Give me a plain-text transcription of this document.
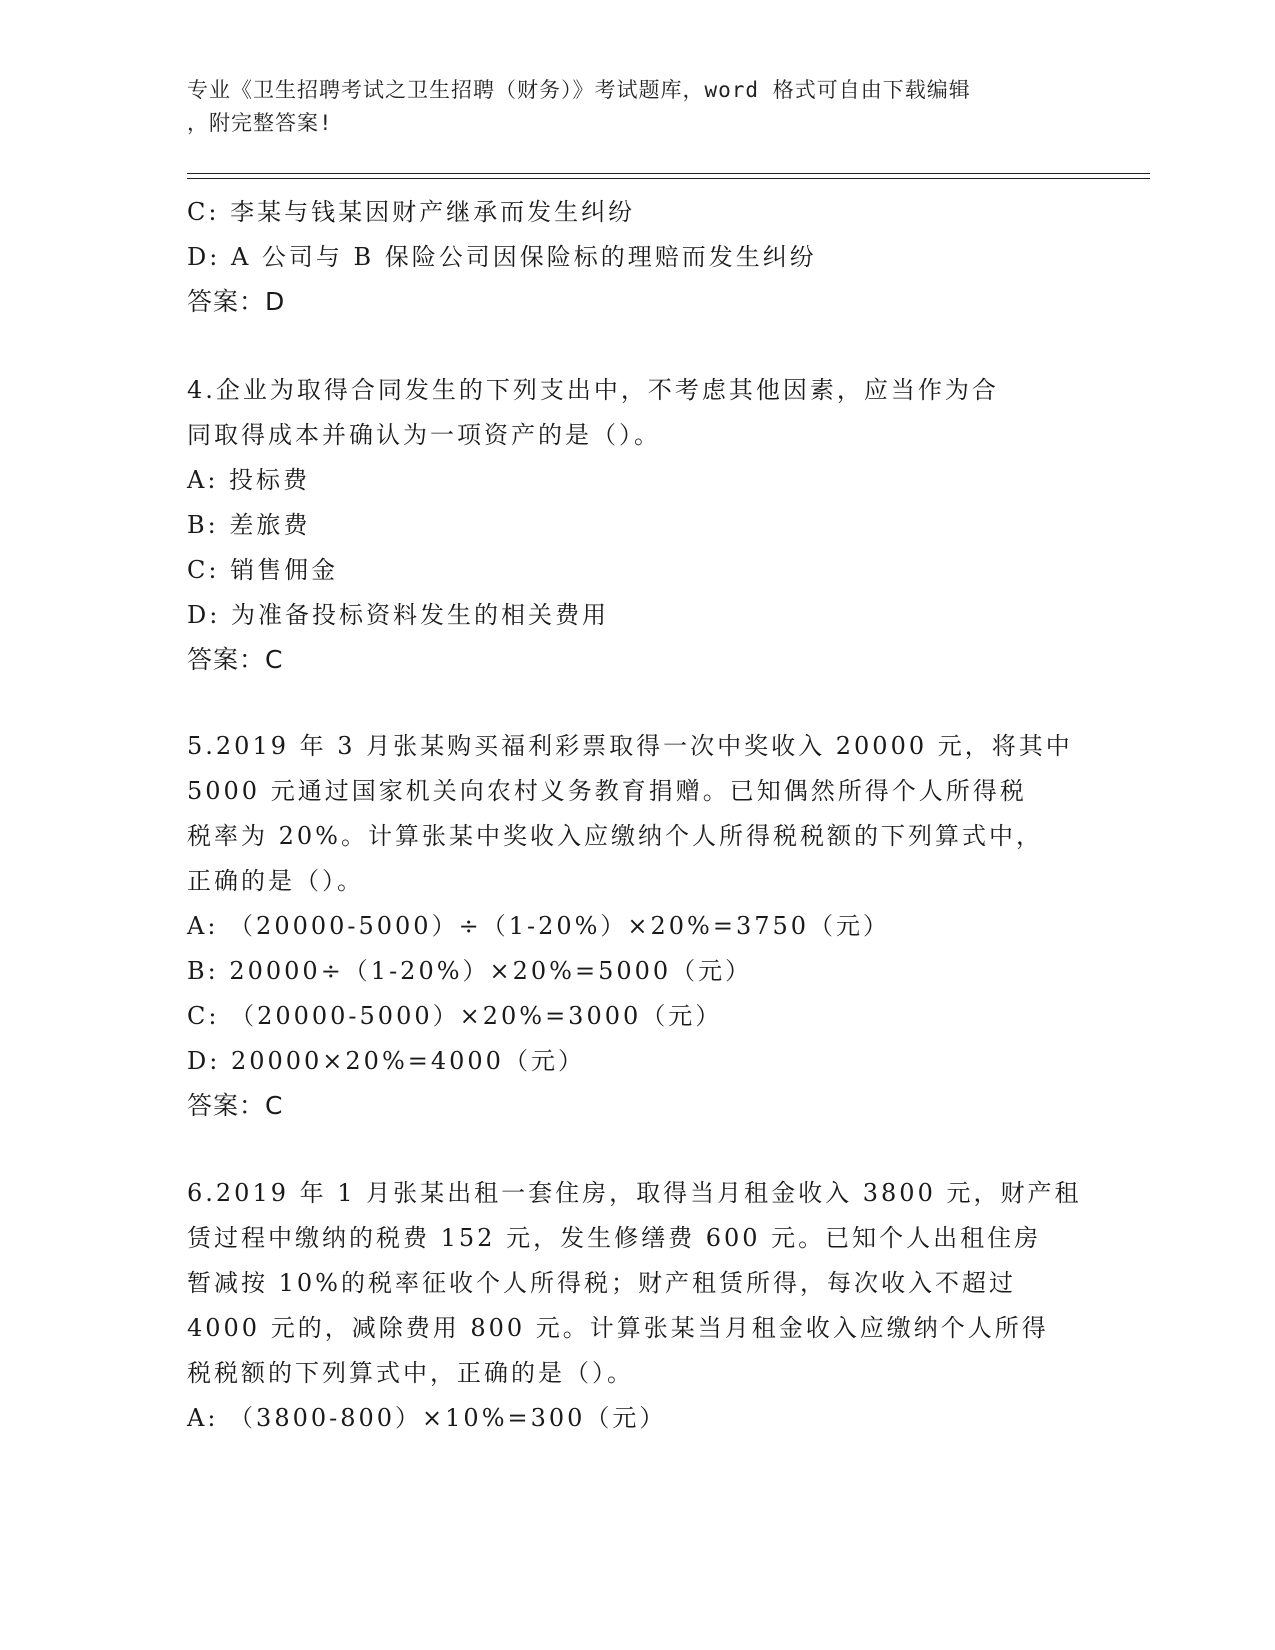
专业《卫生招聘考试之卫生招聘（财务）》考试题库，word 格式可自由下载编辑
，附完整答案!
C: 李某与钱某因财产继承而发生纠纷
D: A 公司与 B 保险公司因保险标的理赔而发生纠纷
答案：D
4.企业为取得合同发生的下列支出中，不考虑其他因素，应当作为合
同取得成本并确认为一项资产的是（）。
A: 投标费
B: 差旅费
C: 销售佣金
D: 为准备投标资料发生的相关费用
答案：C
5.2019 年 3 月张某购买福利彩票取得一次中奖收入 20000 元，将其中
5000 元通过国家机关向农村义务教育捐赠。已知偶然所得个人所得税
税率为 20%。计算张某中奖收入应缴纳个人所得税税额的下列算式中，
正确的是（）。
A: （20000-5000）÷（1-20%）×20%=3750（元）
B: 20000÷（1-20%）×20%=5000（元）
C: （20000-5000）×20%=3000（元）
D: 20000×20%=4000（元）
答案：C
6.2019 年 1 月张某出租一套住房，取得当月租金收入 3800 元，财产租
赁过程中缴纳的税费 152 元，发生修缮费 600 元。已知个人出租住房
暂减按 10%的税率征收个人所得税；财产租赁所得，每次收入不超过
4000 元的，减除费用 800 元。计算张某当月租金收入应缴纳个人所得
税税额的下列算式中，正确的是（）。
A: （3800-800）×10%=300（元）
